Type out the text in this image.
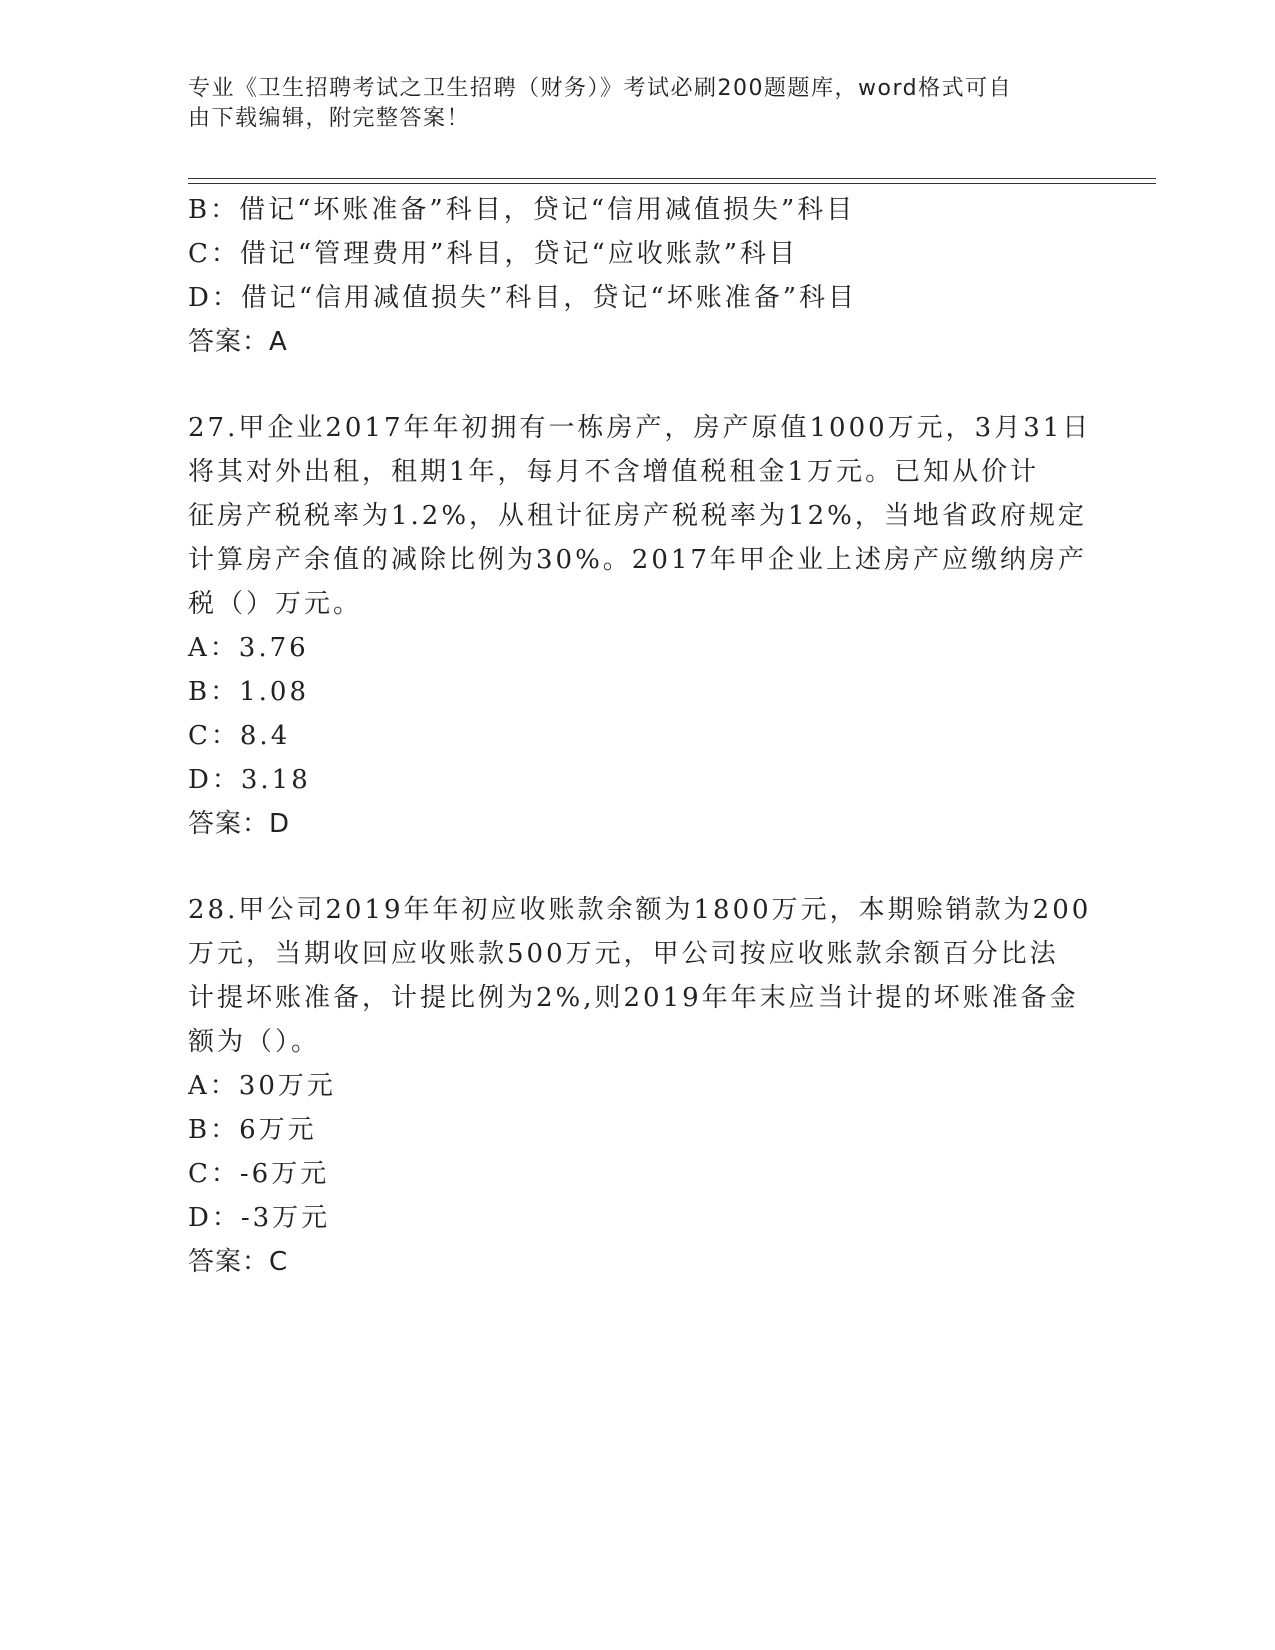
专业《卫生招聘考试之卫生招聘（财务）》考试必刷200题题库，word格式可自
由下载编辑，附完整答案！
B：借记“坏账准备”科目，贷记“信用减值损失”科目
C：借记“管理费用”科目，贷记“应收账款”科目
D：借记“信用减值损失”科目，贷记“坏账准备”科目
答案：A
27.甲企业2017年年初拥有一栋房产，房产原值1000万元，3月31日
将其对外出租，租期1年，每月不含增值税租金1万元。已知从价计
征房产税税率为1.2%，从租计征房产税税率为12%，当地省政府规定
计算房产余值的减除比例为30%。2017年甲企业上述房产应缴纳房产
税（）万元。
A：3.76
B：1.08
C：8.4
D：3.18
答案：D
28.甲公司2019年年初应收账款余额为1800万元，本期赊销款为200
万元，当期收回应收账款500万元，甲公司按应收账款余额百分比法
计提坏账准备，计提比例为2%,则2019年年末应当计提的坏账准备金
额为（）。
A：30万元
B：6万元
C：-6万元
D：-3万元
答案：C
